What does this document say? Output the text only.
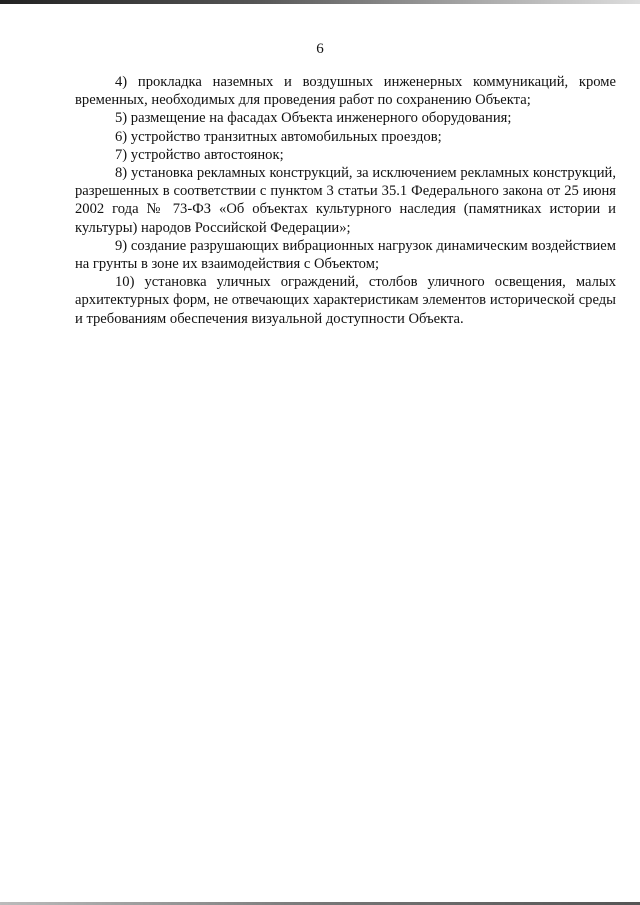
6

4) прокладка наземных и воздушных инженерных коммуникаций, кроме временных, необходимых для проведения работ по сохранению Объекта;

5) размещение на фасадах Объекта инженерного оборудования;

6) устройство транзитных автомобильных проездов;

7) устройство автостоянок;

8) установка рекламных конструкций, за исключением рекламных конструкций, разрешенных в соответствии с пунктом 3 статьи 35.1 Федерального закона от 25 июня 2002 года № 73-ФЗ «Об объектах культурного наследия (памятниках истории и культуры) народов Российской Федерации»;

9) создание разрушающих вибрационных нагрузок динамическим воздействием на грунты в зоне их взаимодействия с Объектом;

10) установка уличных ограждений, столбов уличного освещения, малых архитектурных форм, не отвечающих характеристикам элементов исторической среды и требованиям обеспечения визуальной доступности Объекта.
